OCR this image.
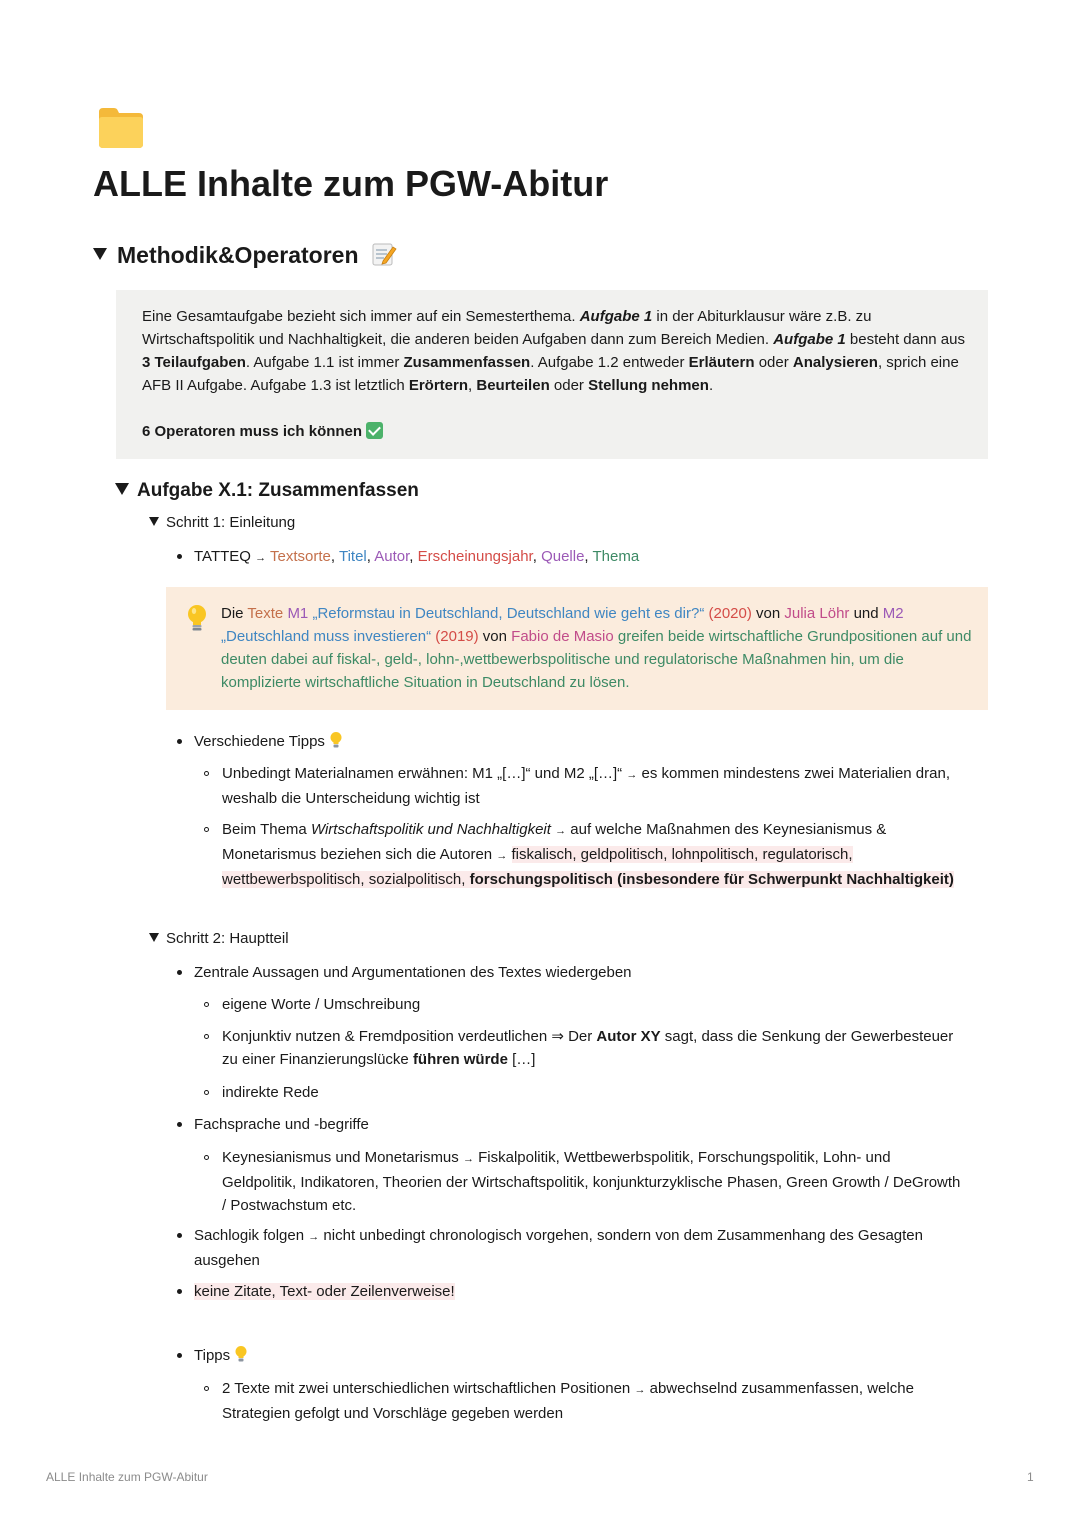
ALLE Inhalte zum PGW-Abitur
Methodik&Operatoren

Eine Gesamtaufgabe bezieht sich immer auf ein Semesterthema. Aufgabe 1 in der Abiturklausur wäre z.B. zu Wirtschaftspolitik und Nachhaltigkeit, die anderen beiden Aufgaben dann zum Bereich Medien. Aufgabe 1 besteht dann aus 3 Teilaufgaben. Aufgabe 1.1 ist immer Zusammenfassen. Aufgabe 1.2 entweder Erläutern oder Analysieren, sprich eine AFB II Aufgabe. Aufgabe 1.3 ist letztlich Erörtern, Beurteilen oder Stellung nehmen.

6 Operatoren muss ich können

Aufgabe X.1: Zusammenfassen
Schritt 1: Einleitung
TATTEQ → Textsorte, Titel, Autor, Erscheinungsjahr, Quelle, Thema

Die Texte M1 „Reformstau in Deutschland, Deutschland wie geht es dir?“ (2020) von Julia Löhr und M2 „Deutschland muss investieren“ (2019) von Fabio de Masio greifen beide wirtschaftliche Grundpositionen auf und deuten dabei auf fiskal-, geld-, lohn-,wettbewerbspolitische und regulatorische Maßnahmen hin, um die komplizierte wirtschaftliche Situation in Deutschland zu lösen.

Verschiedene Tipps
Unbedingt Materialnamen erwähnen: M1 „[…]“ und M2 „[…]“ → es kommen mindestens zwei Materialien dran, weshalb die Unterscheidung wichtig ist
Beim Thema Wirtschaftspolitik und Nachhaltigkeit → auf welche Maßnahmen des Keynesianismus &
Monetarismus beziehen sich die Autoren → fiskalisch, geldpolitisch, lohnpolitisch, regulatorisch,
wettbewerbspolitisch, sozialpolitisch, forschungspolitisch (insbesondere für Schwerpunkt Nachhaltigkeit)
Schritt 2: Hauptteil
Zentrale Aussagen und Argumentationen des Textes wiedergeben
eigene Worte / Umschreibung
Konjunktiv nutzen & Fremdposition verdeutlichen ⇒ Der Autor XY sagt, dass die Senkung der Gewerbesteuer
zu einer Finanzierungslücke führen würde […]
indirekte Rede
Fachsprache und -begriffe
Keynesianismus und Monetarismus → Fiskalpolitik, Wettbewerbspolitik, Forschungspolitik, Lohn- und
Geldpolitik, Indikatoren, Theorien der Wirtschaftspolitik, konjunkturzyklische Phasen, Green Growth / DeGrowth
/ Postwachstum etc.
Sachlogik folgen → nicht unbedingt chronologisch vorgehen, sondern von dem Zusammenhang des Gesagten
ausgehen
keine Zitate, Text- oder Zeilenverweise!
Tipps
2 Texte mit zwei unterschiedlichen wirtschaftlichen Positionen → abwechselnd zusammenfassen, welche
Strategien gefolgt und Vorschläge gegeben werden
ALLE Inhalte zum PGW-Abitur	1
